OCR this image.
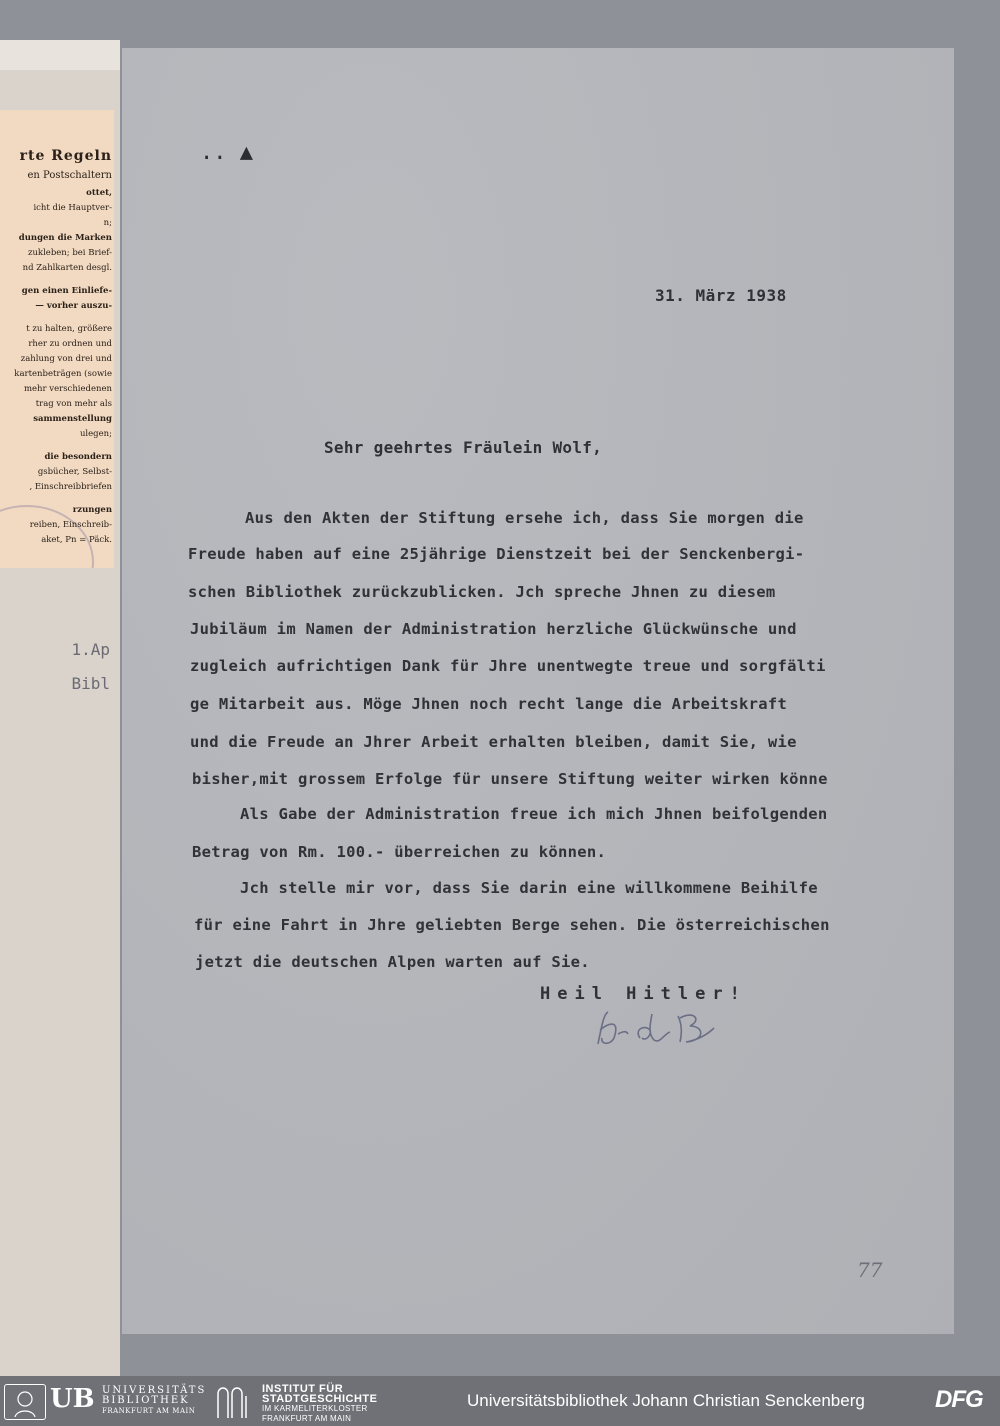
rte Regeln
en Postschaltern
ottet,
icht die Hauptver-
n;
dungen die Marken
zukleben; bei Brief-
nd Zahlkarten desgl.
gen einen Einliefe-
— vorher auszu-
t zu halten, größere
rher zu ordnen und
zahlung von drei und
kartenbeträgen (sowie
mehr verschiedenen
trag von mehr als
sammenstellung
ulegen;
die besondern
gsbücher, Selbst-
, Einschreibbriefen
rzungen
reiben, Einschreib-
aket, Pn = Päck.
1.Ap
Bibl
.. ▲
31. März 1938
Sehr geehrtes Fräulein Wolf,
Aus den Akten der Stiftung ersehe ich, dass Sie morgen die
Freude haben auf eine 25jährige Dienstzeit bei der Senckenbergi-
schen Bibliothek zurückzublicken. Jch spreche Jhnen zu diesem
Jubiläum im Namen der Administration herzliche Glückwünsche und
zugleich aufrichtigen Dank für Jhre unentwegte treue und sorgfälti
ge Mitarbeit aus. Möge Jhnen noch recht lange die Arbeitskraft
und die Freude an Jhrer Arbeit erhalten bleiben, damit Sie, wie
bisher,mit grossem Erfolge für unsere Stiftung weiter wirken könne
Als Gabe der Administration freue ich mich Jhnen beifolgenden
Betrag von Rm. 100.- überreichen zu können.
Jch stelle mir vor, dass Sie darin eine willkommene Beihilfe
für eine Fahrt in Jhre geliebten Berge sehen. Die österreichischen
jetzt die deutschen Alpen warten auf Sie.
Heil Hitler!
77
UB UNIVERSITÄTS
BIBLIOTHEK
FRANKFURT AM MAIN
INSTITUT FÜR
STADTGESCHICHTE
IM KARMELITERKLOSTER
FRANKFURT AM MAIN
Universitätsbibliothek Johann Christian Senckenberg	DFG
